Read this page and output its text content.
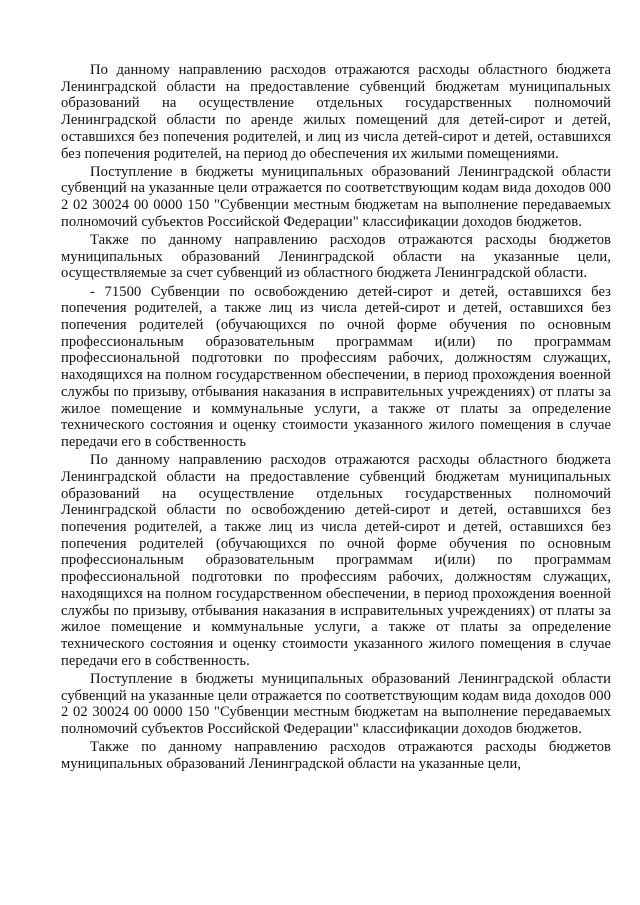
По данному направлению расходов отражаются расходы областного бюджета Ленинградской области на предоставление субвенций бюджетам муниципальных образований на осуществление отдельных государственных полномочий Ленинградской области по аренде жилых помещений для детей-сирот и детей, оставшихся без попечения родителей, и лиц из числа детей-сирот и детей, оставшихся без попечения родителей, на период до обеспечения их жилыми помещениями.

Поступление в бюджеты муниципальных образований Ленинградской области субвенций на указанные цели отражается по соответствующим кодам вида доходов 000 2 02 30024 00 0000 150 "Субвенции местным бюджетам на выполнение передаваемых полномочий субъектов Российской Федерации" классификации доходов бюджетов.

Также по данному направлению расходов отражаются расходы бюджетов муниципальных образований Ленинградской области на указанные цели, осуществляемые за счет субвенций из областного бюджета Ленинградской области.

- 71500 Субвенции по освобождению детей-сирот и детей, оставшихся без попечения родителей, а также лиц из числа детей-сирот и детей, оставшихся без попечения родителей (обучающихся по очной форме обучения по основным профессиональным образовательным программам и(или) по программам профессиональной подготовки по профессиям рабочих, должностям служащих, находящихся на полном государственном обеспечении, в период прохождения военной службы по призыву, отбывания наказания в исправительных учреждениях) от платы за жилое помещение и коммунальные услуги, а также от платы за определение технического состояния и оценку стоимости указанного жилого помещения в случае передачи его в собственность

По данному направлению расходов отражаются расходы областного бюджета Ленинградской области на предоставление субвенций бюджетам муниципальных образований на осуществление отдельных государственных полномочий Ленинградской области по освобождению детей-сирот и детей, оставшихся без попечения родителей, а также лиц из числа детей-сирот и детей, оставшихся без попечения родителей (обучающихся по очной форме обучения по основным профессиональным образовательным программам и(или) по программам профессиональной подготовки по профессиям рабочих, должностям служащих, находящихся на полном государственном обеспечении, в период прохождения военной службы по призыву, отбывания наказания в исправительных учреждениях) от платы за жилое помещение и коммунальные услуги, а также от платы за определение технического состояния и оценку стоимости указанного жилого помещения в случае передачи его в собственность.

Поступление в бюджеты муниципальных образований Ленинградской области субвенций на указанные цели отражается по соответствующим кодам вида доходов 000 2 02 30024 00 0000 150 "Субвенции местным бюджетам на выполнение передаваемых полномочий субъектов Российской Федерации" классификации доходов бюджетов.

Также по данному направлению расходов отражаются расходы бюджетов муниципальных образований Ленинградской области на указанные цели,
